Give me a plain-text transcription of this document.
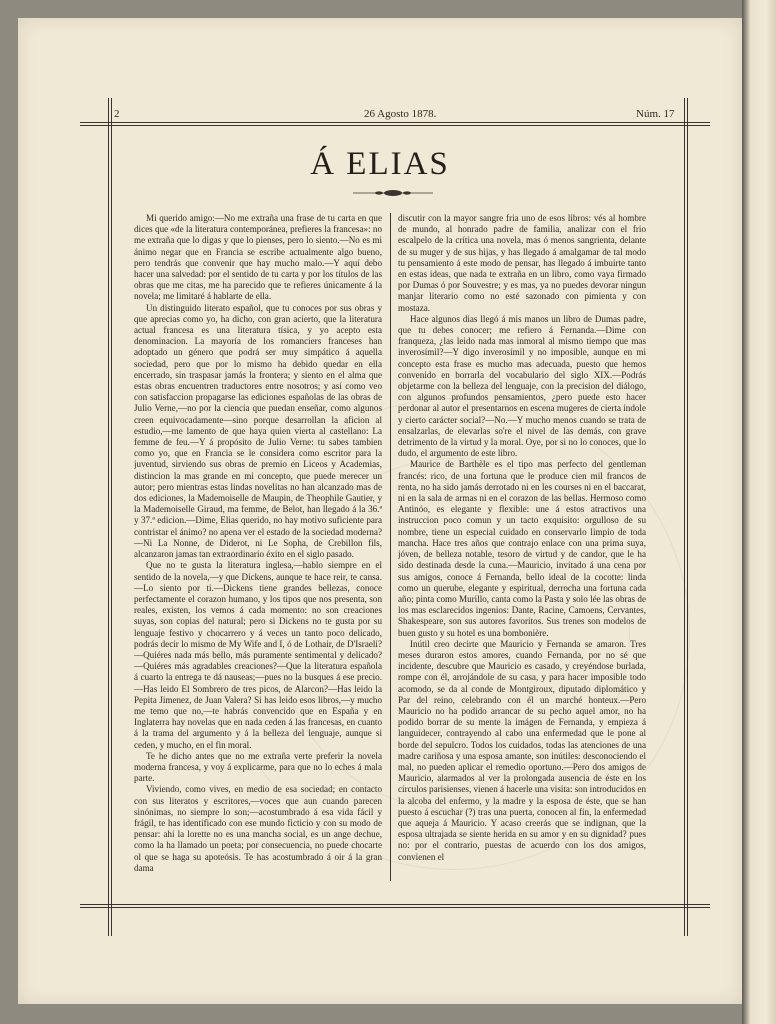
2	26 Agosto 1878.	Núm. 17
Á ELIAS

Mi querido amigo:—No me extraña una frase de tu carta en que dices que «de la literatura contemporánea, prefieres la francesa»: no me extraña que lo digas y que lo pienses, pero lo siento.—No es mi ánimo negar que en Francia se escribe actualmente algo bueno, pero tendrás que convenir que hay mucho malo.—Y aquí debo hacer una salvedad: por el sentido de tu carta y por los títulos de las obras que me citas, me ha parecido que te refieres únicamente á la novela; me limitaré á hablarte de ella.

Un distinguido literato español, que tu conoces por sus obras y que aprecias como yo, ha dicho, con gran acierto, que la literatura actual francesa es una literatura tísica, y yo acepto esta denominacion. La mayoría de los romanciers franceses han adoptado un género que podrá ser muy simpático á aquella sociedad, pero que por lo mismo ha debido quedar en ella encerrado, sin traspasar jamás la frontera; y siento en el alma que estas obras encuentren traductores entre nosotros; y así como veo con satisfaccion propagarse las ediciones españolas de las obras de Julio Verne,—no por la ciencia que puedan enseñar, como algunos creen equivocadamente—sino porque desarrollan la aficion al estudio,—me lamento de que haya quien vierta al castellano: La femme de feu.—Y á propósito de Julio Verne: tu sabes tambien como yo, que en Francia se le considera como escritor para la juventud, sirviendo sus obras de premio en Liceos y Academias, distincion la mas grande en mi concepto, que puede merecer un autor; pero mientras estas lindas novelitas no han alcanzado mas de dos ediciones, la Mademoiselle de Maupin, de Theophile Gautier, y la Mademoiselle Giraud, ma femme, de Belot, han llegado á la 36.ª y 37.ª edicion.—Dime, Elias querido, no hay motivo suficiente para contristar el ánimo? no apena ver el estado de la sociedad moderna?—Ni La Nonne, de Diderot, ni Le Sopha, de Crebillon fils, alcanzaron jamas tan extraordinario éxito en el siglo pasado.

Que no te gusta la literatura inglesa,—hablo siempre en el sentido de la novela,—y que Dickens, aunque te hace reir, te cansa.—Lo siento por ti.—Dickens tiene grandes bellezas, conoce perfectamente el corazon humano, y los tipos que nos presenta, son reales, existen, los vemos á cada momento: no son creaciones suyas, son copias del natural; pero si Dickens no te gusta por su lenguaje festivo y chocarrero y á veces un tanto poco delicado, podrás decir lo mismo de My Wife and I, ó de Lothair, de D'Israeli?—Quiéres nada más bello, más puramente sentimental y delicado?—Quiéres más agradables creaciones?—Que la literatura española á cuarto la entrega te dá nauseas;—pues no la busques á ese precio.—Has leido El Sombrero de tres picos, de Alarcon?—Has leido la Pepita Jimenez, de Juan Valera? Si has leido esos libros,—y mucho me temo que no,—te habrás convencido que en España y en Inglaterra hay novelas que en nada ceden á las francesas, en cuanto á la trama del argumento y á la belleza del lenguaje, aunque si ceden, y mucho, en el fin moral.

Te he dicho antes que no me extraña verte preferir la novela moderna francesa, y voy á explicarme, para que no lo eches á mala parte.

Viviendo, como vives, en medio de esa sociedad; en contacto con sus literatos y escritores,—voces que aun cuando parecen sinónimas, no siempre lo son;—acostumbrado á esa vida fácil y frágil, te has identificado con ese mundo ficticio y con su modo de pensar: ahí la lorette no es una mancha social, es un ange dechue, como la ha llamado un poeta; por consecuencia, no puede chocarte ol que se haga su apoteósis. Te has acostumbrado á oir á la gran dama

discutir con la mayor sangre fria uno de esos libros: vés al hombre de mundo, al honrado padre de familia, analizar con el frio escalpelo de la crítica una novela, mas ó menos sangrienta, delante de su muger y de sus hijas, y has llegado á amalgamar de tal modo tu pensamiento á este modo de pensar, has llegado á imbuirte tanto en estas ideas, que nada te extraña en un libro, como vaya firmado por Dumas ó por Souvestre; y es mas, ya no puedes devorar ningun manjar literario como no esté sazonado con pimienta y con mostaza.

Hace algunos dias llegó á mis manos un libro de Dumas padre, que tu debes conocer; me refiero á Fernanda.—Dime con franqueza, ¿las leido nada mas inmoral al mismo tiempo que mas inverosímil?—Y digo inverosímil y no imposible, aunque en mi concepto esta frase es mucho mas adecuada, puesto que hemos convenido en borrarla del vocabulario del siglo XIX.—Podrás objetarme con la belleza del lenguaje, con la precision del diálogo, con algunos profundos pensamientos, ¿pero puede esto hacer perdonar al autor el presentarnos en escena mugeres de cierta índole y cierto carácter social?—No.—Y mucho menos cuando se trata de ensalzarlas, de elevarlas so're el nivel de las demás, con grave detrimento de la virtud y la moral. Oye, por si no lo conoces, que lo dudo, el argumento de este libro.

Maurice de Barthèle es el tipo mas perfecto del gentleman francés: rico, de una fortuna que le produce cien mil francos de renta, no ha sido jamás derrotado ni en les courses ni en el baccarat, ni en la sala de armas ni en el corazon de las bellas. Hermoso como Antinóo, es elegante y flexible: une á estos atractivos una instruccion poco comun y un tacto exquisito: orgulloso de su nombre, tiene un especial cuidado en conservarlo limpio de toda mancha. Hace tres años que contrajo enlace con una prima suya, jóven, de belleza notable, tesoro de virtud y de candor, que le ha sido destinada desde la cuna.—Mauricio, invitado á una cena por sus amigos, conoce á Fernanda, bello ideal de la cocotte: linda como un querube, elegante y espiritual, derrocha una fortuna cada año; pinta como Murillo, canta como la Pasta y solo lée las obras de los mas esclarecidos ingenios: Dante, Racine, Camoens, Cervantes, Shakespeare, son sus autores favoritos. Sus trenes son modelos de buen gusto y su hotel es una bombonière.

Inútil creo decirte que Mauricio y Fernanda se amaron. Tres meses duraron estos amores, cuando Fernanda, por no sé que incidente, descubre que Mauricio es casado, y creyéndose burlada, rompe con él, arrojándole de su casa, y para hacer imposible todo acomodo, se da al conde de Montgiroux, diputado diplomático y Par del reino, celebrando con él un marché honteux.—Pero Mauricio no ha podido arrancar de su pecho aquel amor, no ha podido borrar de su mente la imágen de Fernanda, y empieza á languidecer, contrayendo al cabo una enfermedad que le pone al borde del sepulcro. Todos los cuidados, todas las atenciones de una madre cariñosa y una esposa amante, son inútiles: desconociendo el mal, no pueden aplicar el remedio oportuno.—Pero dos amigos de Mauricio, alarmados al ver la prolongada ausencia de éste en los círculos parisienses, vienen á hacerle una visita: son introducidos en la alcoba del enfermo, y la madre y la esposa de éste, que se han puesto á escuchar (?) tras una puerta, conocen al fin, la enfermedad que aqueja á Mauricio. Y acaso creerás que se indignan, que la esposa ultrajada se siente herida en su amor y en su dignidad? pues no: por el contrario, puestas de acuerdo con los dos amigos, convienen el
